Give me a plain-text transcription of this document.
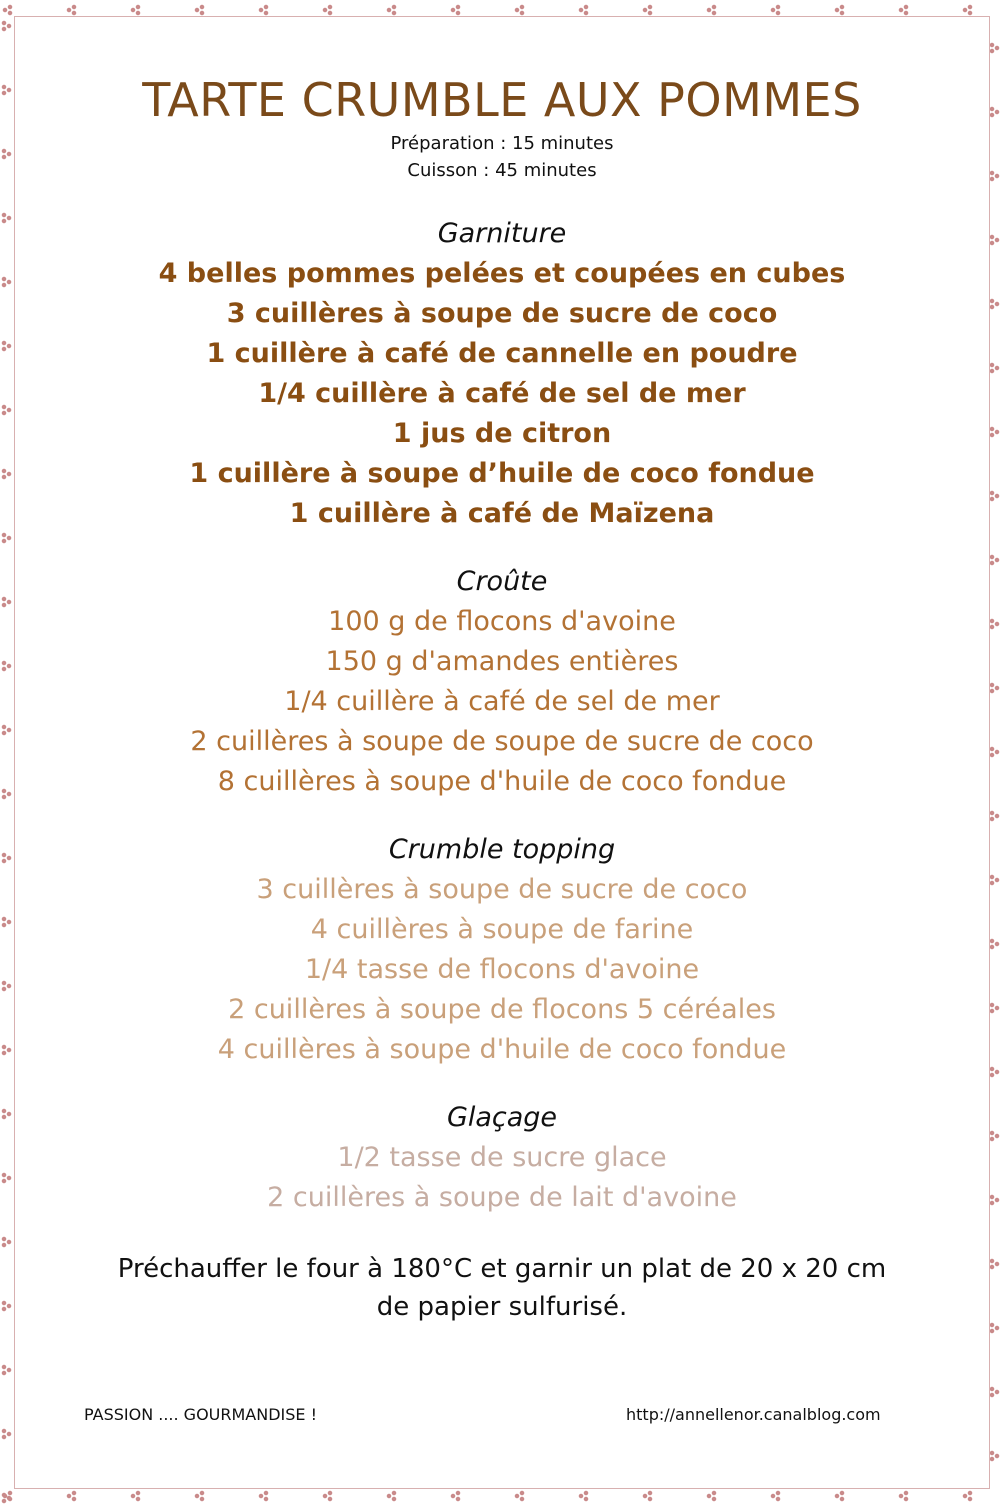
TARTE CRUMBLE AUX POMMES

Préparation : 15 minutes

Cuisson : 45 minutes

Garniture

4 belles pommes pelées et coupées en cubes

3 cuillères à soupe de sucre de coco

1 cuillère à café de cannelle en poudre

1/4 cuillère à café de sel de mer

1 jus de citron

1 cuillère à soupe d’huile de coco fondue

1 cuillère à café de Maïzena

Croûte

100 g de flocons d'avoine

150 g d'amandes entières

1/4 cuillère à café de sel de mer

2 cuillères à soupe de soupe de sucre de coco

8 cuillères à soupe d'huile de coco fondue

Crumble topping

3 cuillères à soupe de sucre de coco

4 cuillères à soupe de farine

1/4 tasse de flocons d'avoine

2 cuillères à soupe de flocons 5 céréales

4 cuillères à soupe d'huile de coco fondue

Glaçage

1/2 tasse de sucre glace

2 cuillères à soupe de lait d'avoine

Préchauffer le four à 180°C et garnir un plat de 20 x 20 cm
de papier sulfurisé.
PASSION .... GOURMANDISE !	http://annellenor.canalblog.com
